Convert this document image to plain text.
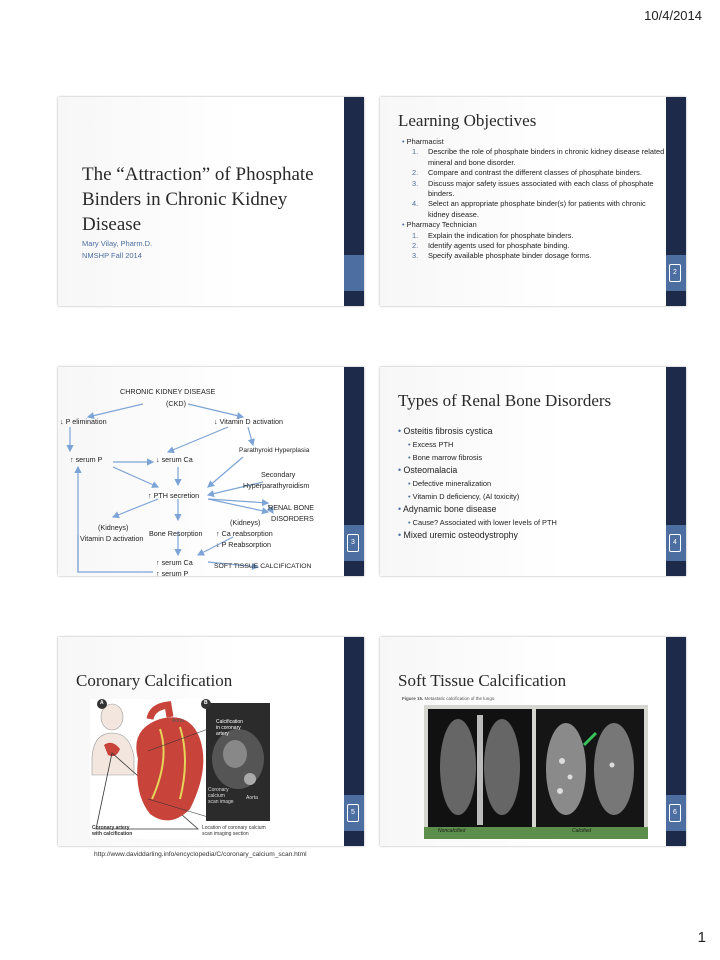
10/4/2014
The “Attraction” of Phosphate Binders in Chronic Kidney Disease
Mary Vilay, Pharm.D.
NMSHP Fall 2014
Learning Objectives
• Pharmacist
1. Describe the role of phosphate binders in chronic kidney disease related mineral and bone disorder.
2. Compare and contrast the different classes of phosphate binders.
3. Discuss major safety issues associated with each class of phosphate binders.
4. Select an appropriate phosphate binder(s) for patients with chronic kidney disease.
• Pharmacy Technician
1. Explain the indication for phosphate binders.
2. Identify agents used for phosphate binding.
3. Specify available phosphate binder dosage forms.
2
CHRONIC KIDNEY DISEASE
(CKD)
↓ P elimination	↓ Vitamin D activation
Parathyroid Hyperplasia
↑ serum P	↓ serum Ca
Secondary
Hyperparathyroidism
↑ PTH secretion
RENAL BONE
DISORDERS
(Kidneys)
(Kidneys)
Bone Resorption ↑ Ca reabsorption
Vitamin D activation
↓ P Reabsorption
↑ serum Ca
↑ serum P
SOFT TISSUE CALCIFICATION
3
Types of Renal Bone Disorders
• Osteitis fibrosis cystica
• Excess PTH
• Bone marrow fibrosis
• Osteomalacia
• Defective mineralization
• Vitamin D deficiency, (Al toxicity)
• Adynamic bone disease
• Cause? Associated with lower levels of PTH
• Mixed uremic osteodystrophy
4
Coronary Calcification
A	B
Aorta	Calcification
in coronary
artery
Coronary
calcium
scan image
Aorta
Coronary artery
with calcification
Location of coronary calcium
scan imaging section
5
Soft Tissue Calcification
Figure 15. Metastatic calcification of the lungs.
Noncalcified	Calcified
6
http://www.daviddarling.info/encyclopedia/C/coronary_calcium_scan.html
1
